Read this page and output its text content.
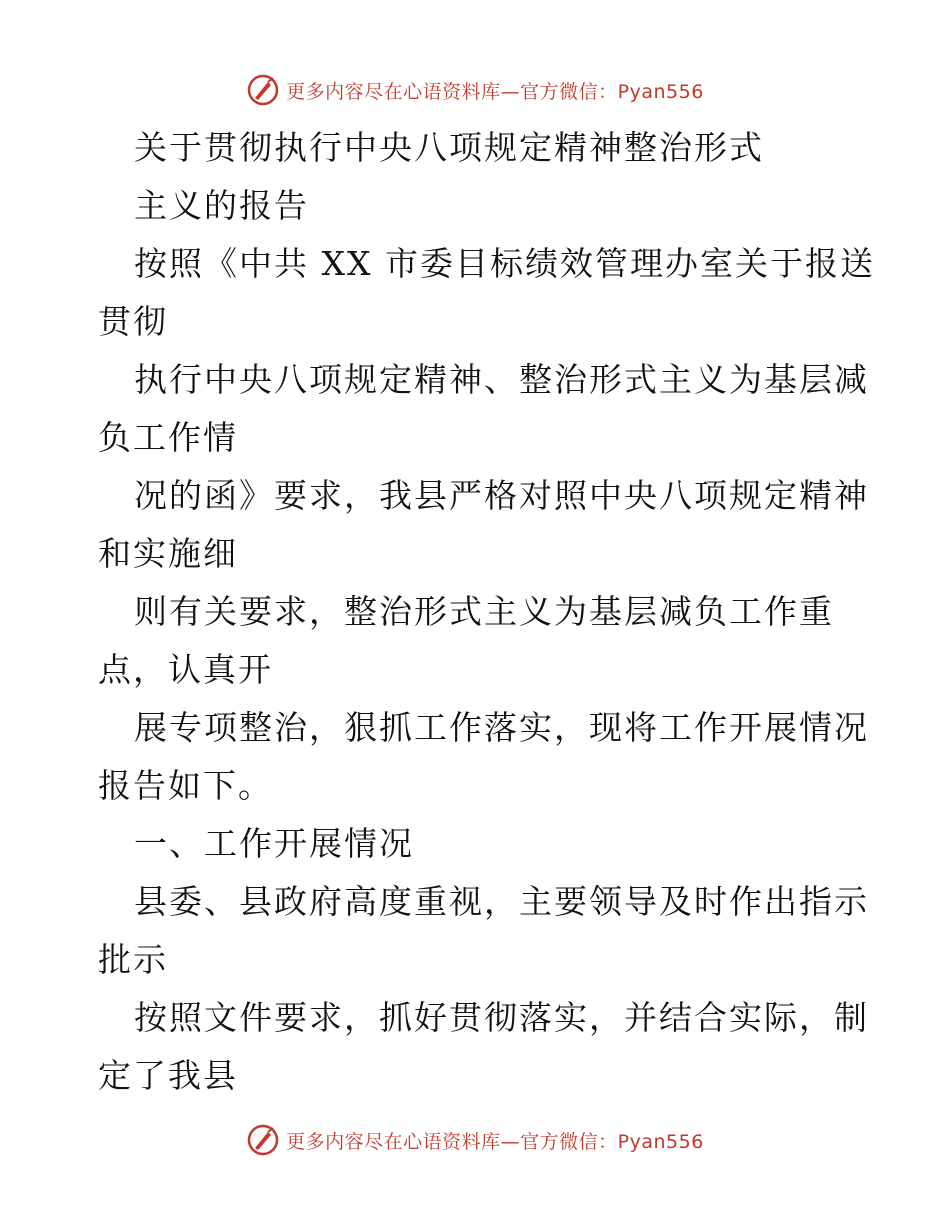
更多内容尽在心语资料库—官方微信：Pyan556
关于贯彻执行中央八项规定精神整治形式
主义的报告
按照《中共 XX 市委目标绩效管理办室关于报送
贯彻
执行中央八项规定精神、整治形式主义为基层减
负工作情
况的函》要求，我县严格对照中央八项规定精神
和实施细
则有关要求，整治形式主义为基层减负工作重
点，认真开
展专项整治，狠抓工作落实，现将工作开展情况
报告如下。
一、工作开展情况
县委、县政府高度重视，主要领导及时作出指示
批示
按照文件要求，抓好贯彻落实，并结合实际，制
定了我县
更多内容尽在心语资料库—官方微信：Pyan556
